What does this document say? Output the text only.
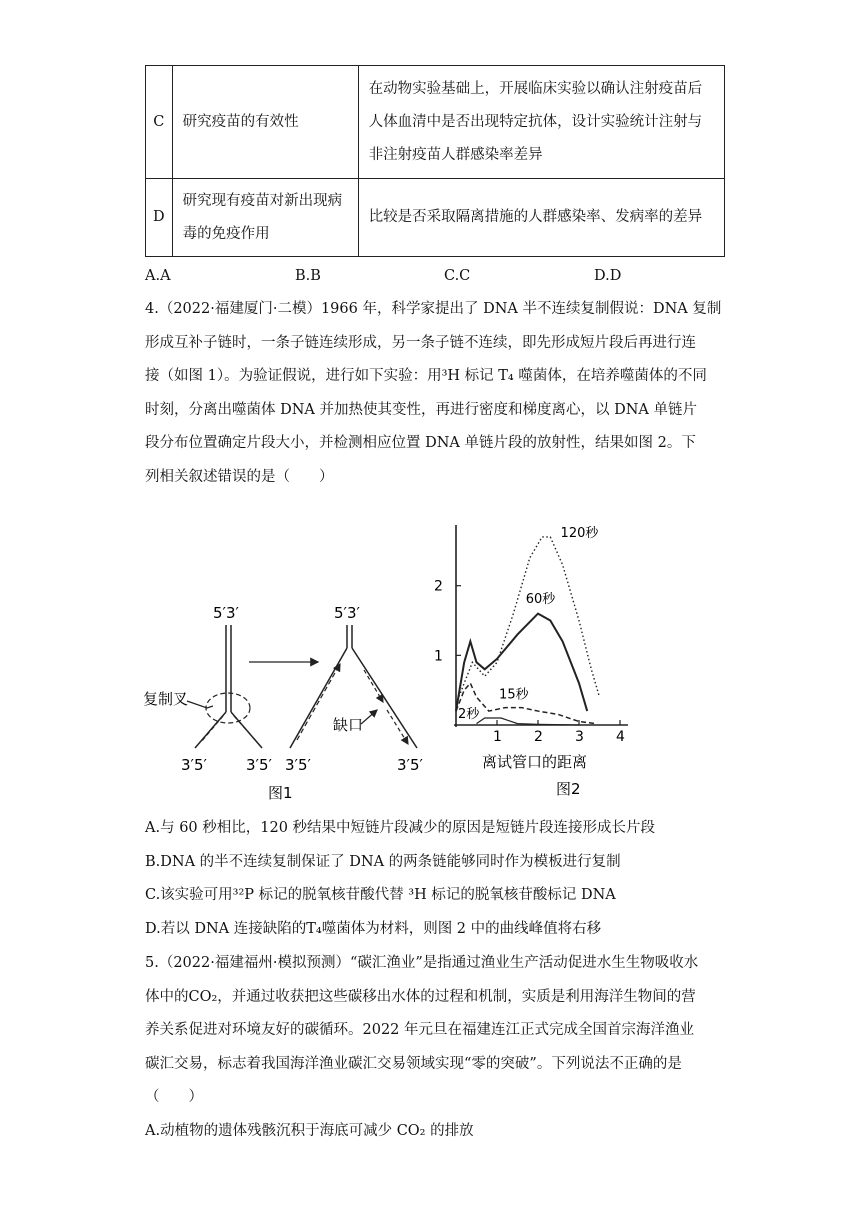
C	研究疫苗的有效性	在动物实验基础上，开展临床实验以确认注射疫苗后
人体血清中是否出现特定抗体，设计实验统计注射与
非注射疫苗人群感染率差异

D	研究现有疫苗对新出现病
毒的免疫作用	比较是否采取隔离措施的人群感染率、发病率的差异
A.A	B.B	C.C	D.D
4.（2022·福建厦门·二模）1966 年，科学家提出了 DNA 半不连续复制假说：DNA 复制
形成互补子链时，一条子链连续形成，另一条子链不连续，即先形成短片段后再进行连
接（如图 1）。为验证假说，进行如下实验：用³H 标记 T₄ 噬菌体，在培养噬菌体的不同
时刻，分离出噬菌体 DNA 并加热使其变性，再进行密度和梯度离心，以 DNA 单链片
段分布位置确定片段大小，并检测相应位置 DNA 单链片段的放射性，结果如图 2。下
列相关叙述错误的是（　　）
5′3′	5′3′
复制叉
缺口
3′5′	3′5′ 3′5′	3′5′
图1
1 2 3 4
1
2
120秒
60秒
15秒
2秒
离试管口的距离
图2
A.与 60 秒相比，120 秒结果中短链片段减少的原因是短链片段连接形成长片段
B.DNA 的半不连续复制保证了 DNA 的两条链能够同时作为模板进行复制
C.该实验可用³²P 标记的脱氧核苷酸代替 ³H 标记的脱氧核苷酸标记 DNA
D.若以 DNA 连接缺陷的T₄噬菌体为材料，则图 2 中的曲线峰值将右移
5.（2022·福建福州·模拟预测）“碳汇渔业”是指通过渔业生产活动促进水生生物吸收水
体中的CO₂，并通过收获把这些碳移出水体的过程和机制，实质是利用海洋生物间的营
养关系促进对环境友好的碳循环。2022 年元旦在福建连江正式完成全国首宗海洋渔业
碳汇交易，标志着我国海洋渔业碳汇交易领域实现“零的突破”。下列说法不正确的是
（　　）
A.动植物的遗体残骸沉积于海底可减少 CO₂ 的排放
